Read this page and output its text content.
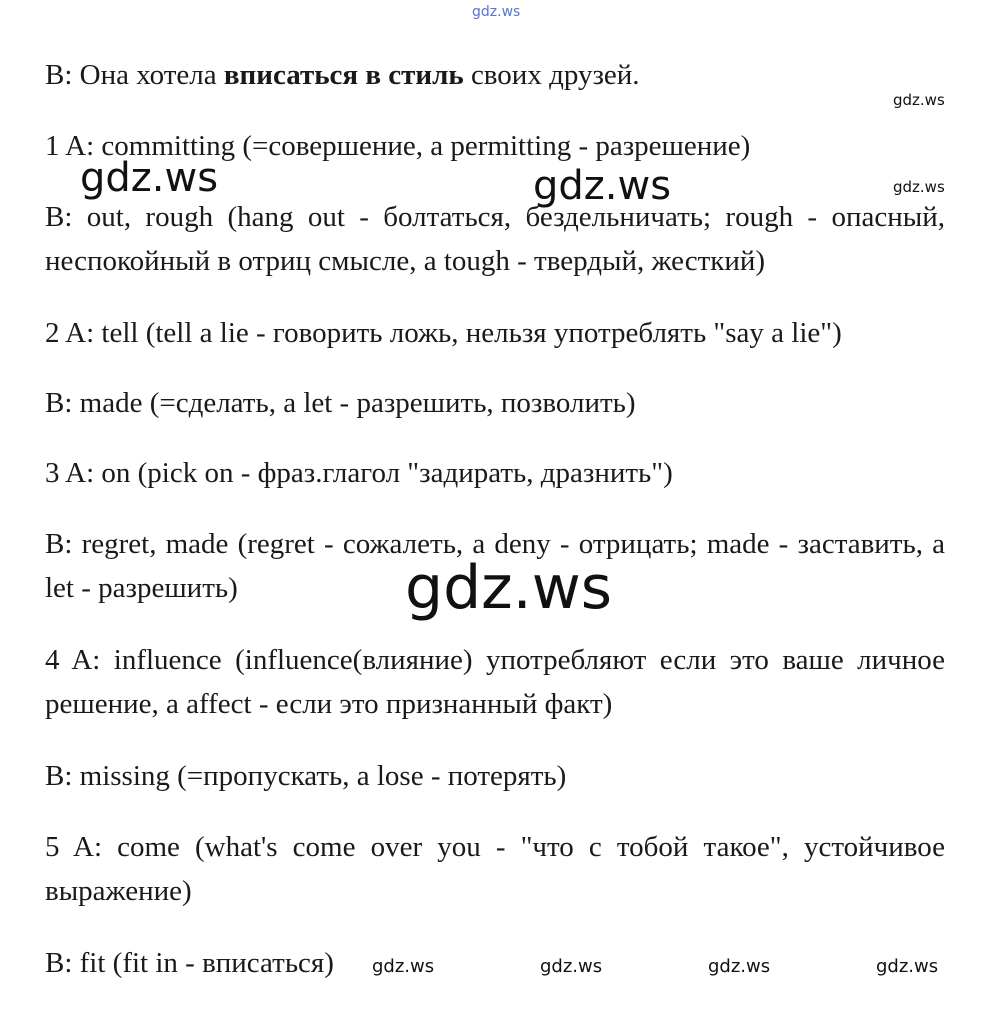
gdz.ws
B: Она хотела вписаться в стиль своих друзей.
gdz.ws
1 A: committing (=совершение, a permitting - разрешение)
gdz.ws	gdz.ws	gdz.ws
B: out, rough (hang out - болтаться, бездельничать; rough - опасный, неспокойный в отриц смысле, a tough - твердый, жесткий)
2 A: tell (tell a lie - говорить ложь, нельзя употреблять "say a lie")
B: made (=сделать, a let - разрешить, позволить)
3 A: on (pick on - фраз.глагол "задирать, дразнить")
B: regret, made (regret - сожалеть, a deny - отрицать; made - заставить, a let - разрешить)	gdz.ws
4 A: influence (influence(влияние) употребляют если это ваше личное решение, a affect - если это признанный факт)
B: missing (=пропускать, a lose - потерять)
5 A: come (what's come over you - "что с тобой такое", устойчивое выражение)
B: fit (fit in - вписаться) gdz.ws	gdz.ws	gdz.ws	gdz.ws
